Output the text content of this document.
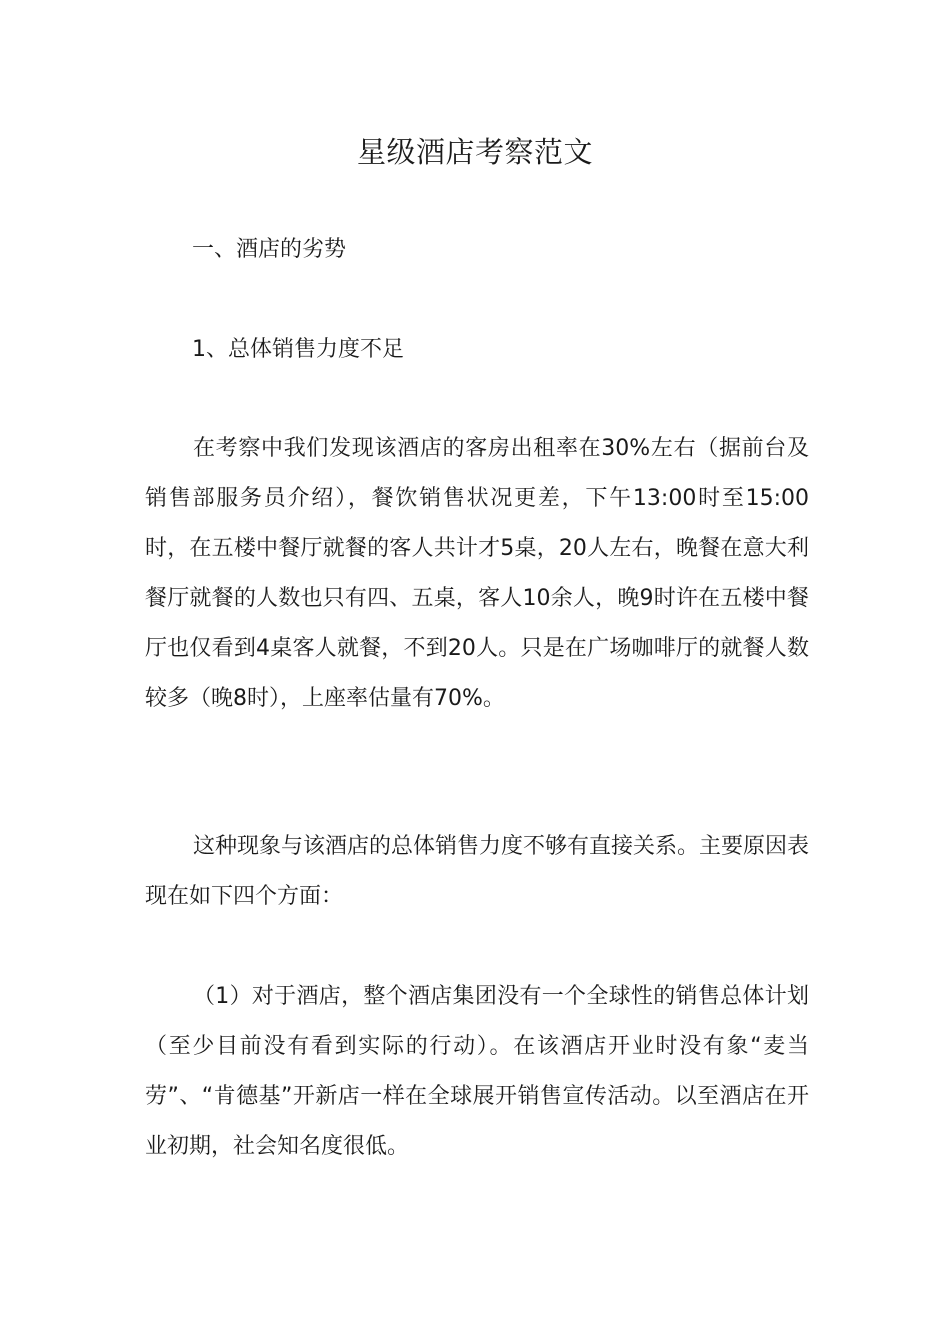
星级酒店考察范文
一、酒店的劣势
1、总体销售力度不足

在考察中我们发现该酒店的客房出租率在30%左右（据前台及销售部服务员介绍），餐饮销售状况更差，下午13:00时至15:00时，在五楼中餐厅就餐的客人共计才5桌，20人左右，晚餐在意大利餐厅就餐的人数也只有四、五桌，客人10余人，晚9时许在五楼中餐厅也仅看到4桌客人就餐，不到20人。只是在广场咖啡厅的就餐人数较多（晚8时），上座率估量有70%。

这种现象与该酒店的总体销售力度不够有直接关系。主要原因表现在如下四个方面：

（1）对于酒店，整个酒店集团没有一个全球性的销售总体计划（至少目前没有看到实际的行动）。在该酒店开业时没有象“麦当劳”、“肯德基”开新店一样在全球展开销售宣传活动。以至酒店在开业初期，社会知名度很低。
